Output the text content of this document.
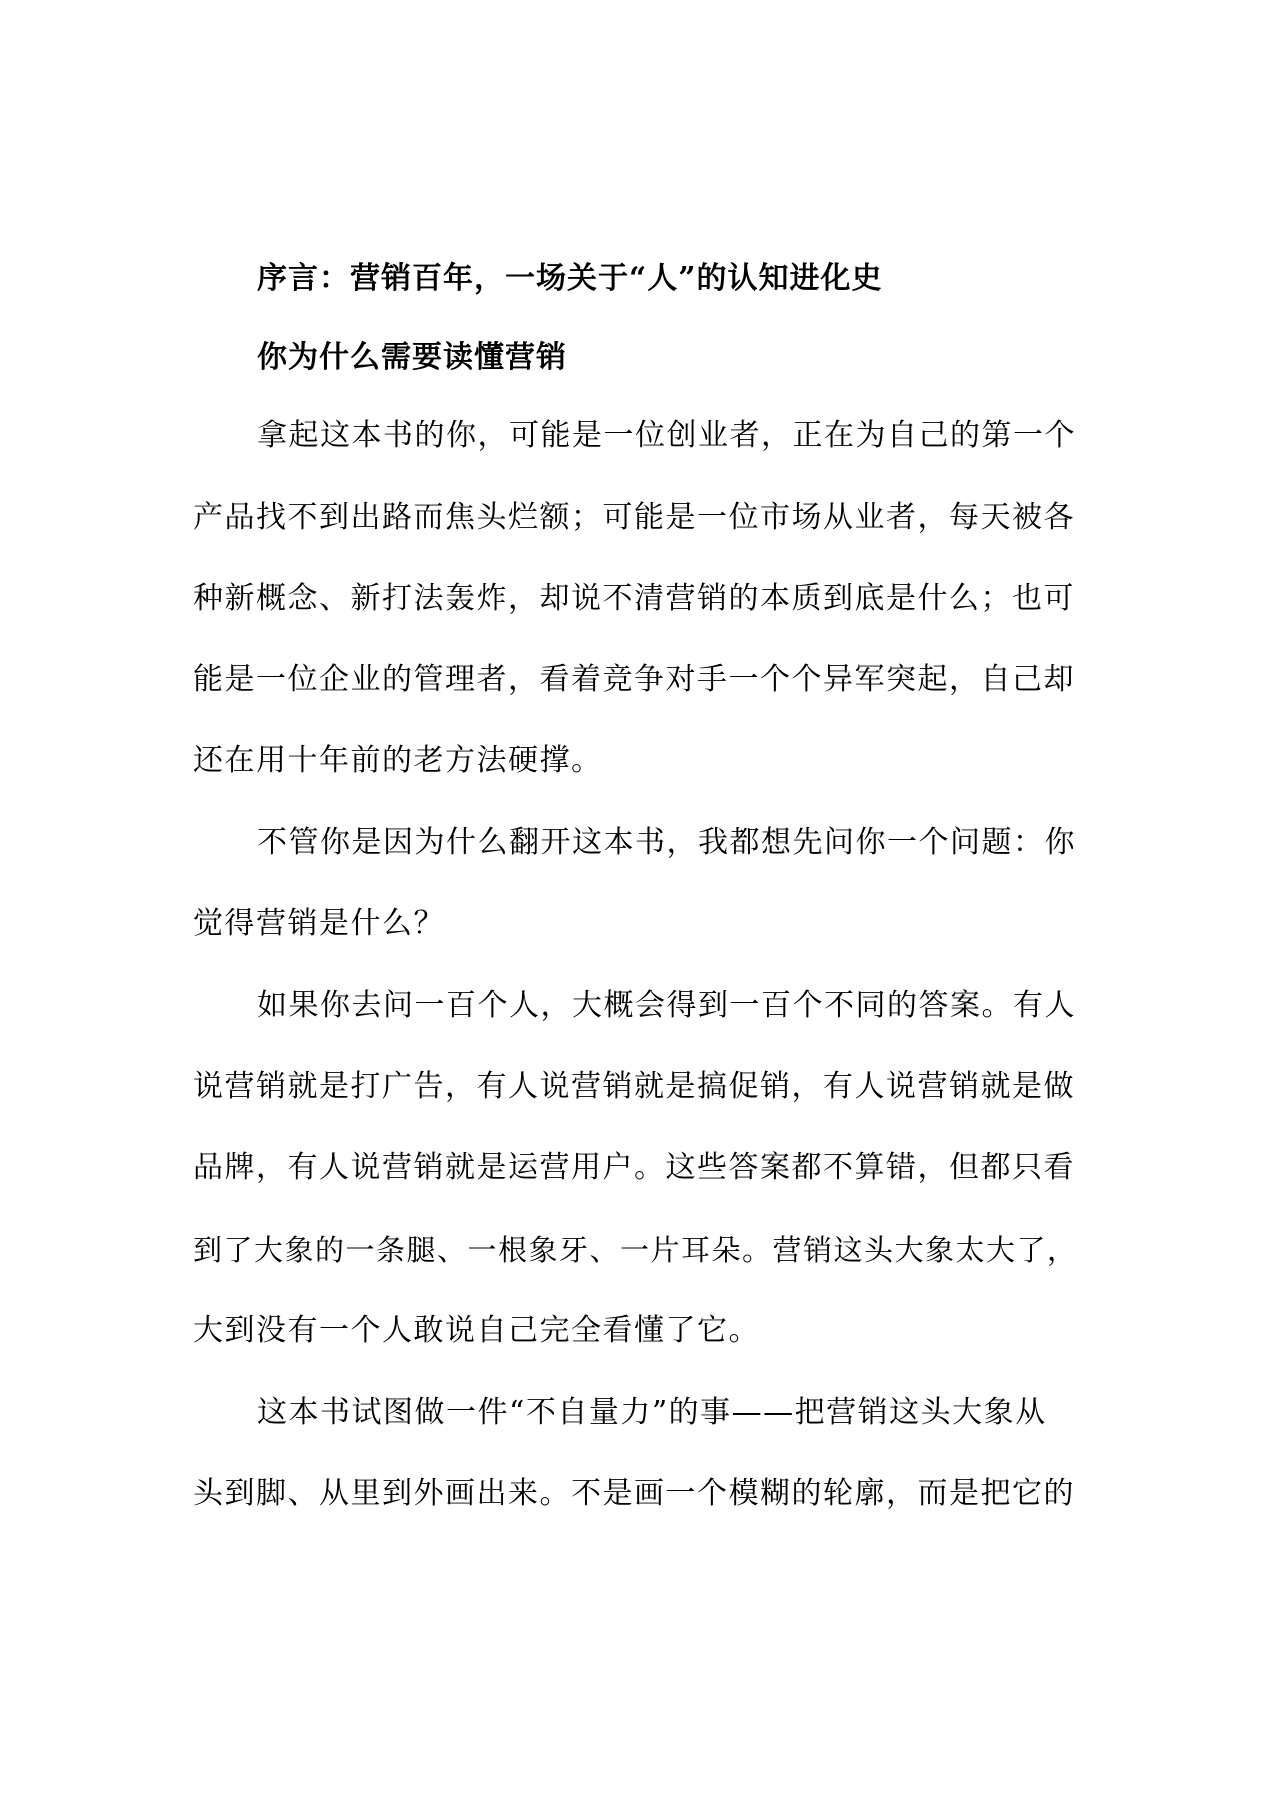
序言：营销百年，一场关于“人”的认知进化史
你为什么需要读懂营销

拿起这本书的你，可能是一位创业者，正在为自己的第一个

产品找不到出路而焦头烂额；可能是一位市场从业者，每天被各

种新概念、新打法轰炸，却说不清营销的本质到底是什么；也可

能是一位企业的管理者，看着竞争对手一个个异军突起，自己却

还在用十年前的老方法硬撑。

不管你是因为什么翻开这本书，我都想先问你一个问题：你

觉得营销是什么？

如果你去问一百个人，大概会得到一百个不同的答案。有人

说营销就是打广告，有人说营销就是搞促销，有人说营销就是做

品牌，有人说营销就是运营用户。这些答案都不算错，但都只看

到了大象的一条腿、一根象牙、一片耳朵。营销这头大象太大了，

大到没有一个人敢说自己完全看懂了它。

这本书试图做一件“不自量力”的事——把营销这头大象从

头到脚、从里到外画出来。不是画一个模糊的轮廓，而是把它的
